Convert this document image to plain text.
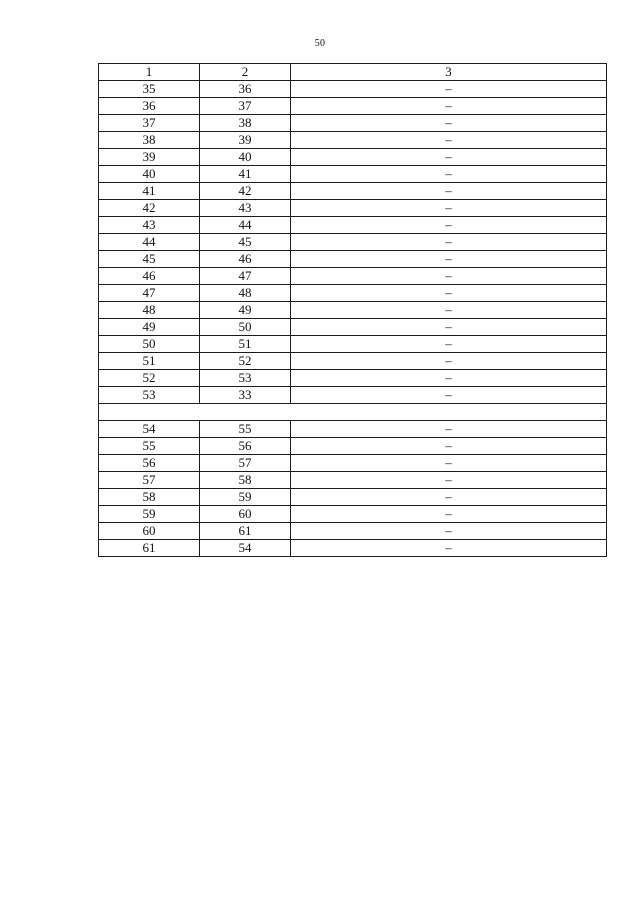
50
1	2	3
35	36	–
36	37	–
37	38	–
38	39	–
39	40	–
40	41	–
41	42	–
42	43	–
43	44	–
44	45	–
45	46	–
46	47	–
47	48	–
48	49	–
49	50	–
50	51	–
51	52	–
52	53	–
53	33	–

54	55	–
55	56	–
56	57	–
57	58	–
58	59	–
59	60	–
60	61	–
61	54	–
